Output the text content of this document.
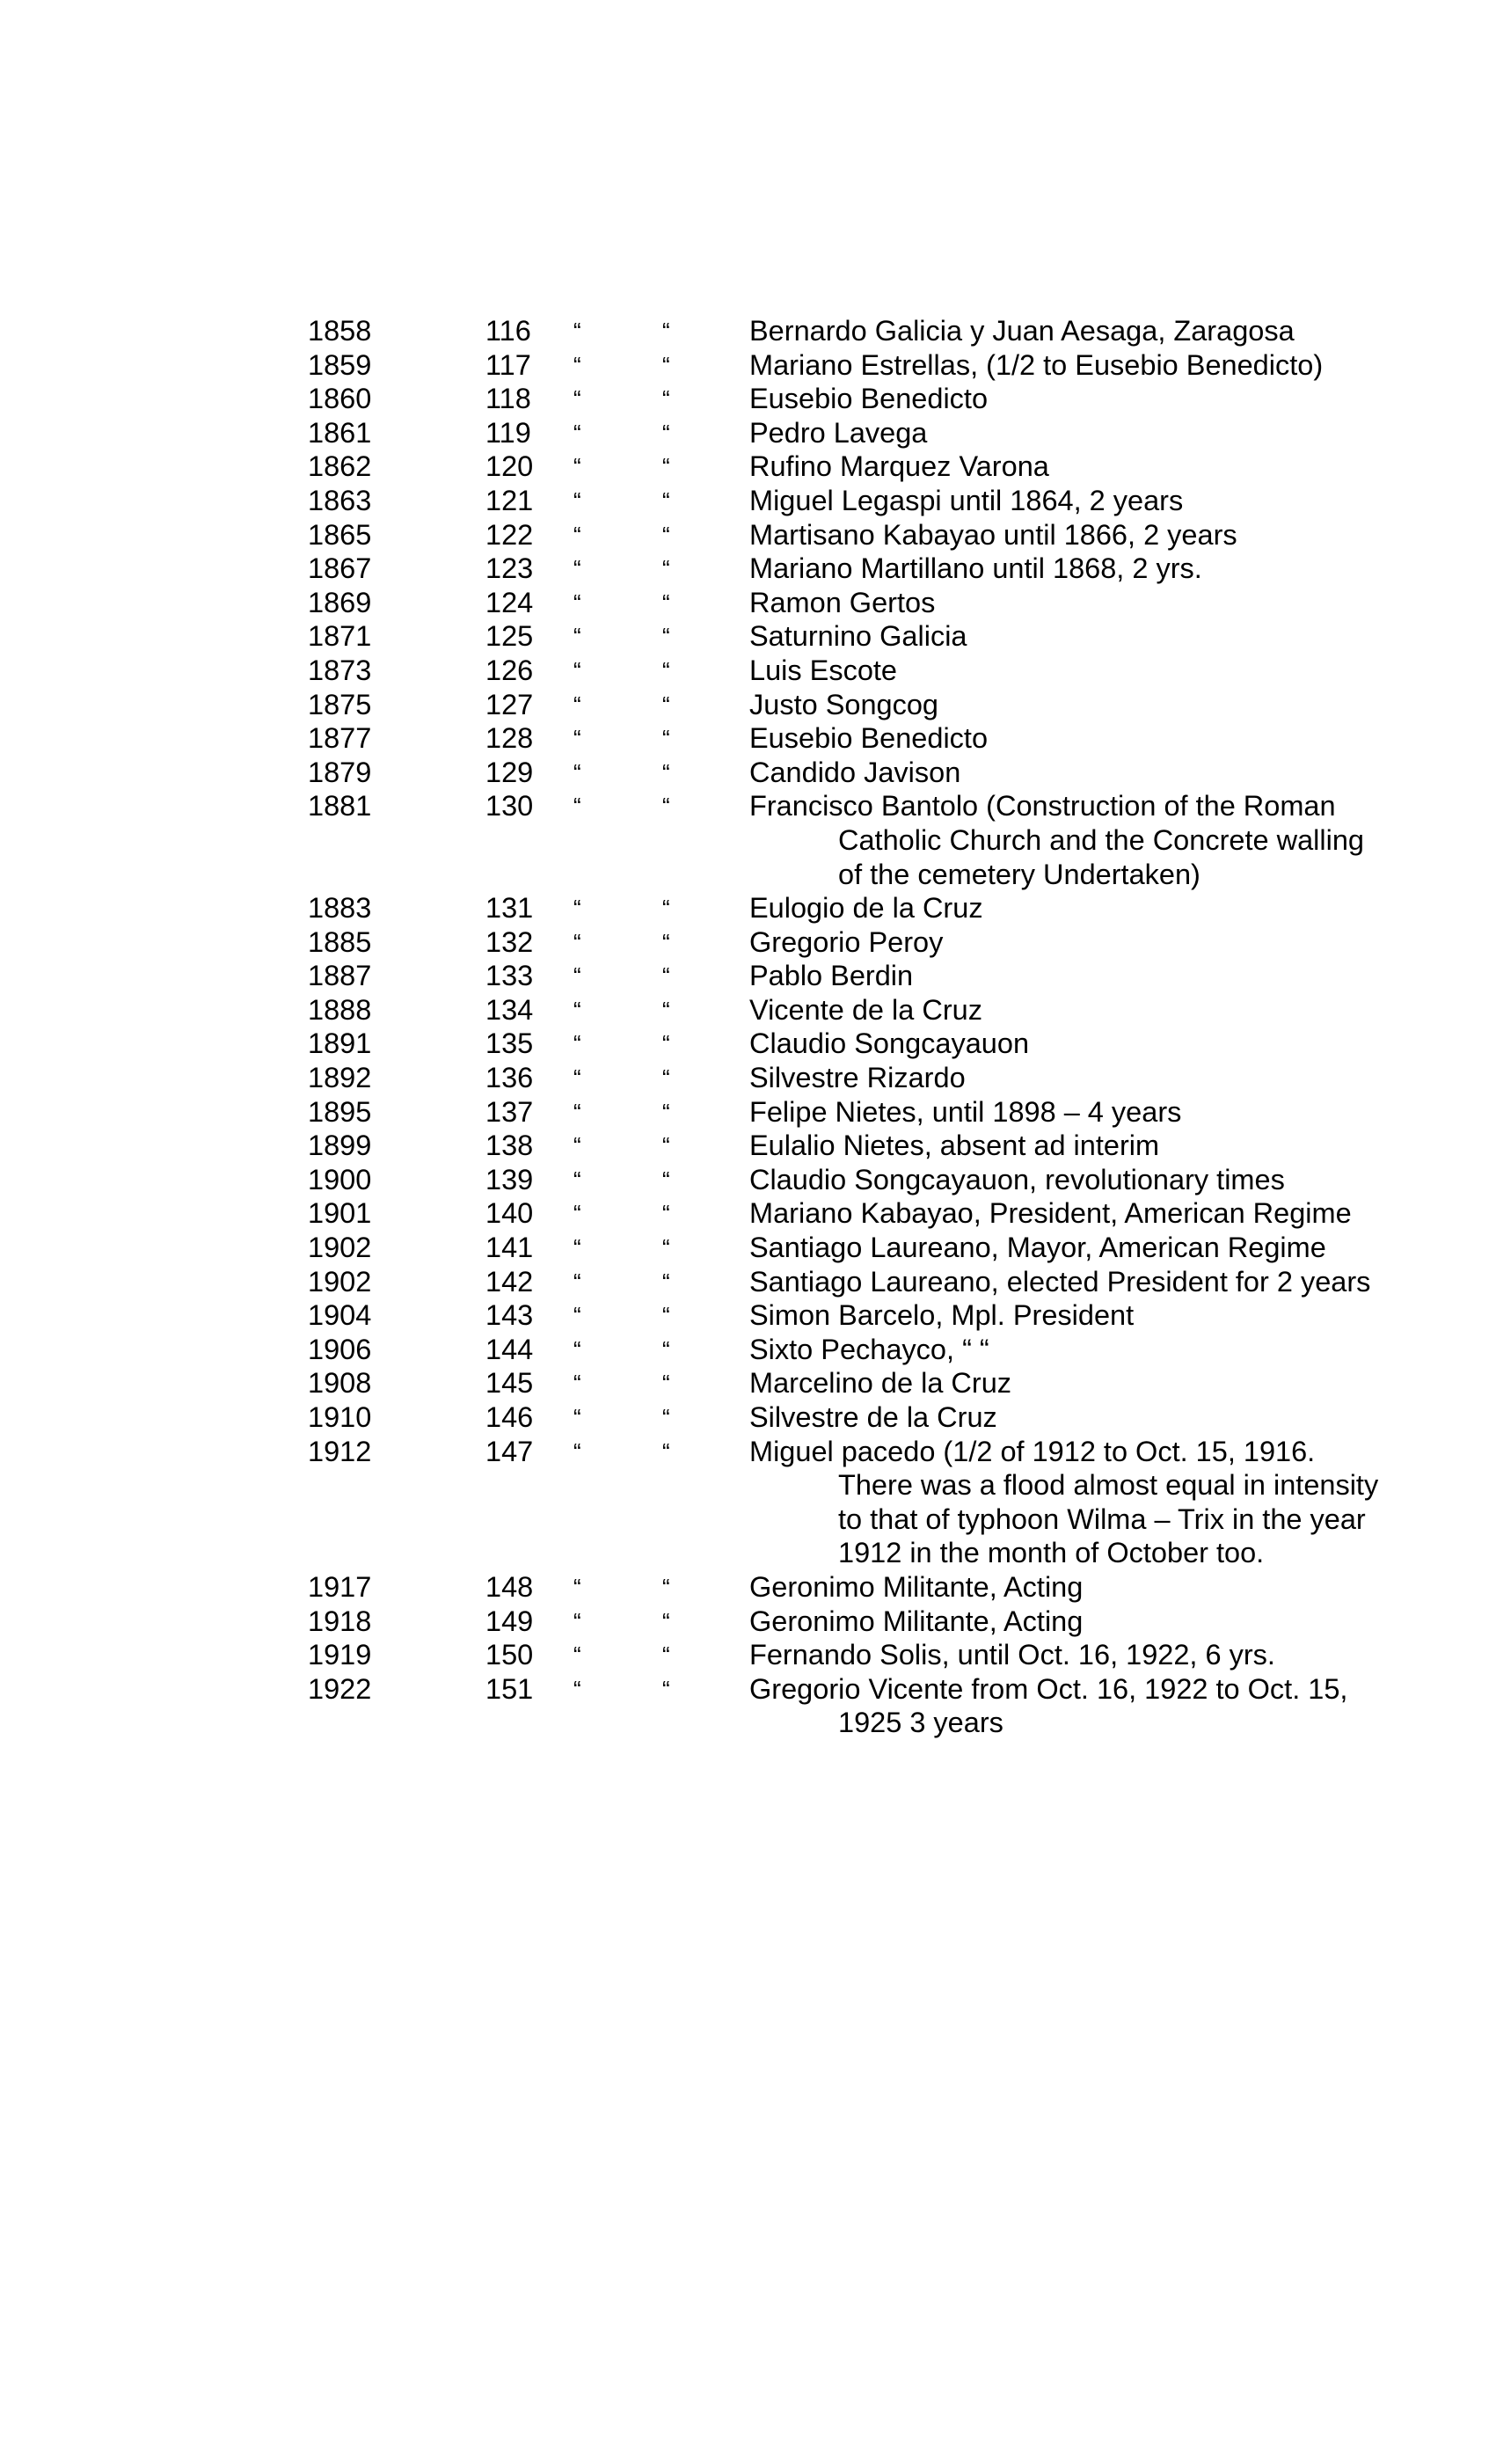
1858	116 “	“	Bernardo Galicia y Juan Aesaga, Zaragosa
1859	117 “	“	Mariano Estrellas, (1/2 to Eusebio Benedicto)
1860	118 “	“	Eusebio Benedicto
1861	119 “	“	Pedro Lavega
1862	120 “	“	Rufino Marquez Varona
1863	121 “	“	Miguel Legaspi until 1864, 2 years
1865	122 “	“	Martisano Kabayao until 1866, 2 years
1867	123 “	“	Mariano Martillano until 1868, 2 yrs.
1869	124 “	“	Ramon Gertos
1871	125 “	“	Saturnino Galicia
1873	126 “	“	Luis Escote
1875	127 “	“	Justo Songcog
1877	128 “	“	Eusebio Benedicto
1879	129 “	“	Candido Javison
1881	130 “	“	Francisco Bantolo (Construction of the Roman Catholic Church and the Concrete walling of the cemetery Undertaken)
1883	131 “	“	Eulogio de la Cruz
1885	132 “	“	Gregorio Peroy
1887	133 “	“	Pablo Berdin
1888	134 “	“	Vicente de la Cruz
1891	135 “	“	Claudio Songcayauon
1892	136 “	“	Silvestre Rizardo
1895	137 “	“	Felipe Nietes, until 1898 – 4 years
1899	138 “	“	Eulalio Nietes, absent ad interim
1900	139 “	“	Claudio Songcayauon, revolutionary times
1901	140 “	“	Mariano Kabayao, President, American Regime
1902	141 “	“	Santiago Laureano, Mayor, American Regime
1902	142 “	“	Santiago Laureano, elected President for 2 years
1904	143 “	“	Simon Barcelo, Mpl. President
1906	144 “	“	Sixto Pechayco, “ “
1908	145 “	“	Marcelino de la Cruz
1910	146 “	“	Silvestre de la Cruz
1912	147 “	“	Miguel pacedo (1/2 of 1912 to Oct. 15, 1916. There was a flood almost equal in intensity to that of typhoon Wilma – Trix in the year 1912 in the month of October too.
1917	148 “	“	Geronimo Militante, Acting
1918	149 “	“	Geronimo Militante, Acting
1919	150 “	“	Fernando Solis, until Oct. 16, 1922, 6 yrs.
1922	151 “	“	Gregorio Vicente from Oct. 16, 1922 to Oct. 15, 1925 3 years
